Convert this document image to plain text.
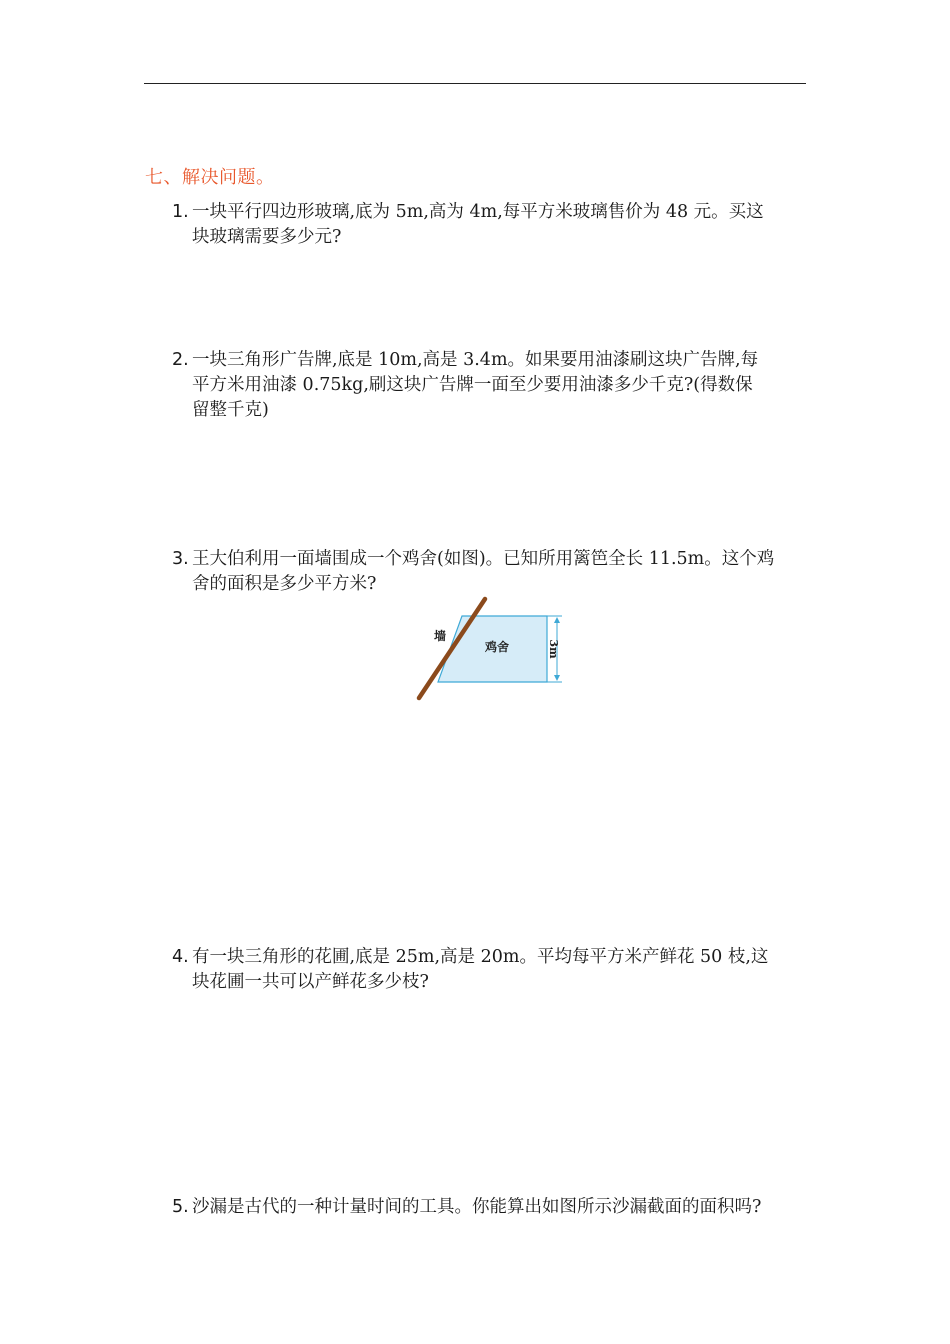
七、解决问题。
1. 一块平行四边形玻璃,底为 5m,高为 4m,每平方米玻璃售价为 48 元。买这
块玻璃需要多少元?
2. 一块三角形广告牌,底是 10m,高是 3.4m。如果要用油漆刷这块广告牌,每
平方米用油漆 0.75kg,刷这块广告牌一面至少要用油漆多少千克?(得数保
留整千克)
3. 王大伯利用一面墙围成一个鸡舍(如图)。已知所用篱笆全长 11.5m。这个鸡
舍的面积是多少平方米?
墙
鸡舍	3m
4. 有一块三角形的花圃,底是 25m,高是 20m。平均每平方米产鲜花 50 枝,这
块花圃一共可以产鲜花多少枝?
5. 沙漏是古代的一种计量时间的工具。你能算出如图所示沙漏截面的面积吗?
